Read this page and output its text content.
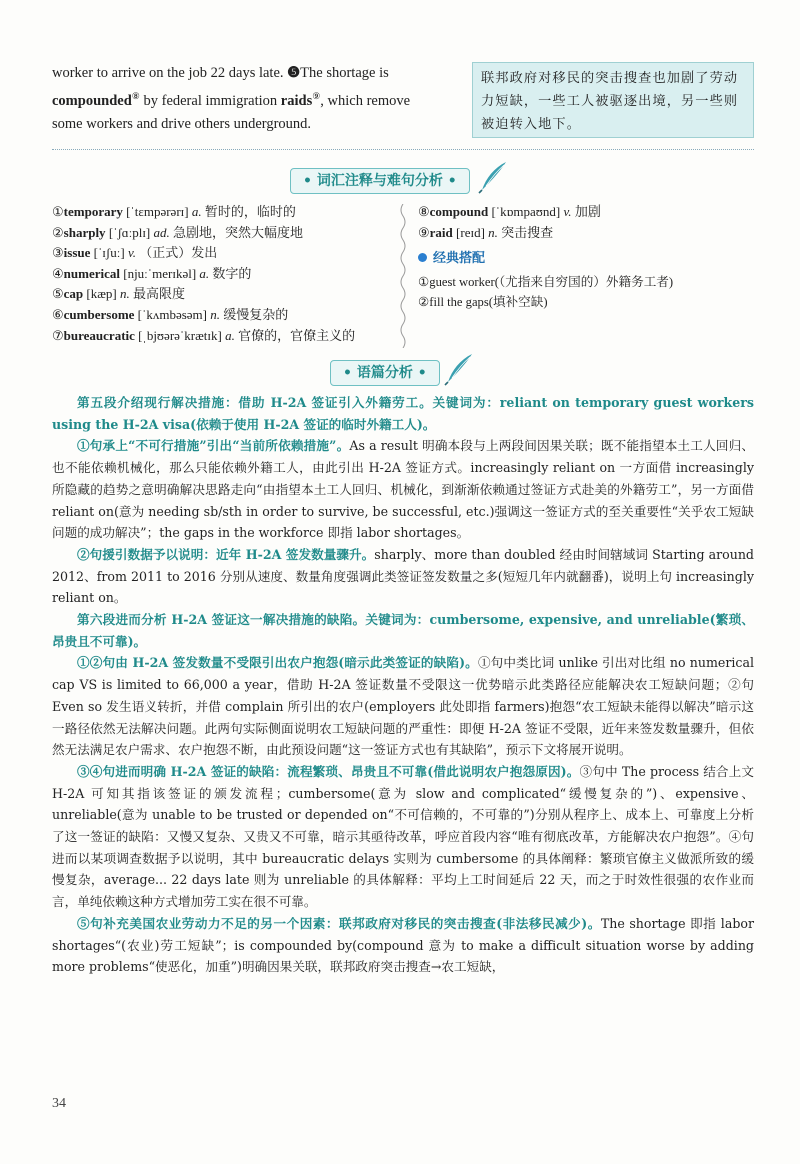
worker to arrive on the job 22 days late. ❺The shortage is
compounded⑧ by federal immigration raids⑨, which remove
some workers and drive others underground.
联邦政府对移民的突击搜查也加剧了劳动力短缺，一些工人被驱逐出境，另一些则被迫转入地下。
• 词汇注释与难句分析 •
①temporary [ˈtɛmpərərɪ] a. 暂时的，临时的
②sharply [ˈʃɑːplɪ] ad. 急剧地，突然大幅度地
③issue [ˈɪʃuː] v. （正式）发出
④numerical [njuːˈmerɪkəl] a. 数字的
⑤cap [kæp] n. 最高限度
⑥cumbersome [ˈkʌmbəsəm] n. 缓慢复杂的
⑦bureaucratic [ˌbjʊərəˈkrætɪk] a. 官僚的，官僚主义的
⑧compound [ˈkɒmpaʊnd] v. 加剧
⑨raid [reɪd] n. 突击搜查
经典搭配
①guest worker(（尤指来自穷国的）外籍务工者)
②fill the gaps(填补空缺)
• 语篇分析 •
第五段介绍现行解决措施：借助 H-2A 签证引入外籍劳工。关键词为：reliant on temporary guest workers using the H-2A visa(依赖于使用 H-2A 签证的临时外籍工人)。
①句承上“不可行措施”引出“当前所依赖措施”。As a result 明确本段与上两段间因果关联；既不能指望本土工人回归、也不能依赖机械化，那么只能依赖外籍工人，由此引出 H-2A 签证方式。increasingly reliant on 一方面借 increasingly 所隐藏的趋势之意明确解决思路走向“由指望本土工人回归、机械化，到渐渐依赖通过签证方式赴美的外籍劳工”，另一方面借 reliant on(意为 needing sb/sth in order to survive, be successful, etc.)强调这一签证方式的至关重要性“关乎农工短缺问题的成功解决”；the gaps in the workforce 即指 labor shortages。
②句援引数据予以说明：近年 H-2A 签发数量骤升。sharply、more than doubled 经由时间辖域词 Starting around 2012、from 2011 to 2016 分别从速度、数量角度强调此类签证签发数量之多(短短几年内就翻番)，说明上句 increasingly reliant on。
第六段进而分析 H-2A 签证这一解决措施的缺陷。关键词为：cumbersome, expensive, and unreliable(繁琐、昂贵且不可靠)。
①②句由 H-2A 签发数量不受限引出农户抱怨(暗示此类签证的缺陷)。①句中类比词 unlike 引出对比组 no numerical cap VS is limited to 66,000 a year，借助 H-2A 签证数量不受限这一优势暗示此类路径应能解决农工短缺问题；②句 Even so 发生语义转折，并借 complain 所引出的农户(employers 此处即指 farmers)抱怨“农工短缺未能得以解决”暗示这一路径依然无法解决问题。此两句实际侧面说明农工短缺问题的严重性：即便 H-2A 签证不受限，近年来签发数量骤升，但依然无法满足农户需求、农户抱怨不断，由此预设问题“这一签证方式也有其缺陷”，预示下文将展开说明。
③④句进而明确 H-2A 签证的缺陷：流程繁琐、昂贵且不可靠(借此说明农户抱怨原因)。③句中 The process 结合上文 H-2A 可知其指该签证的颁发流程；cumbersome(意为 slow and complicated“缓慢复杂的”)、expensive、unreliable(意为 unable to be trusted or depended on“不可信赖的，不可靠的”)分别从程序上、成本上、可靠度上分析了这一签证的缺陷：又慢又复杂、又贵又不可靠，暗示其亟待改革，呼应首段内容“唯有彻底改革，方能解决农户抱怨”。④句进而以某项调查数据予以说明，其中 bureaucratic delays 实则为 cumbersome 的具体阐释：繁琐官僚主义做派所致的缓慢复杂，average... 22 days late 则为 unreliable 的具体解释：平均上工时间延后 22 天，而之于时效性很强的农作业而言，单纯依赖这种方式增加劳工实在很不可靠。
⑤句补充美国农业劳动力不足的另一个因素：联邦政府对移民的突击搜查(非法移民减少)。The shortage 即指 labor shortages“(农业)劳工短缺”；is compounded by(compound 意为 to make a difficult situation worse by adding more problems“使恶化，加重”)明确因果关联，联邦政府突击搜查→农工短缺，
34
